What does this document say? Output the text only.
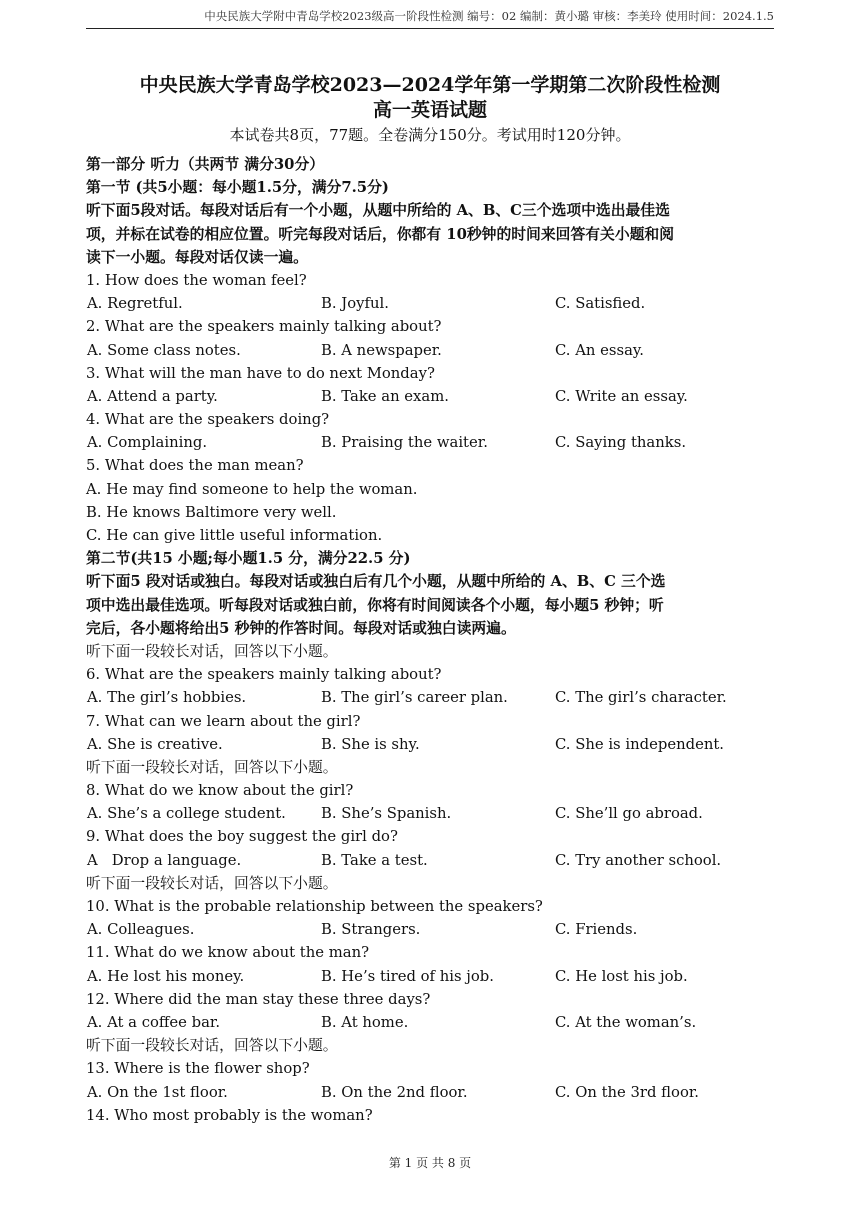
中央民族大学附中青岛学校2023级高一阶段性检测 编号：02 编制：黄小璐 审核：李美玲 使用时间：2024.1.5
中央民族大学青岛学校2023—2024学年第一学期第二次阶段性检测
高一英语试题
本试卷共8页，77题。全卷满分150分。考试用时120分钟。
第一部分 听力（共两节 满分30分）
第一节 (共5小题：每小题1.5分，满分7.5分)
听下面5段对话。每段对话后有一个小题，从题中所给的 A、B、C三个选项中选出最佳选
项，并标在试卷的相应位置。听完每段对话后，你都有 10秒钟的时间来回答有关小题和阅
读下一小题。每段对话仅读一遍。
1. How does the woman feel?
A. Regretful.	B. Joyful.	C. Satisfied.
2. What are the speakers mainly talking about?
A. Some class notes.	B. A newspaper.	C. An essay.
3. What will the man have to do next Monday?
A. Attend a party.	B. Take an exam.	C. Write an essay.
4. What are the speakers doing?
A. Complaining.	B. Praising the waiter.	C. Saying thanks.
5. What does the man mean?
A. He may find someone to help the woman.
B. He knows Baltimore very well.
C. He can give little useful information.
第二节(共15 小题;每小题1.5 分，满分22.5 分)
听下面5 段对话或独白。每段对话或独白后有几个小题，从题中所给的 A、B、C 三个选
项中选出最佳选项。听每段对话或独白前，你将有时间阅读各个小题，每小题5 秒钟；听
完后，各小题将给出5 秒钟的作答时间。每段对话或独白读两遍。
听下面一段较长对话，回答以下小题。
6. What are the speakers mainly talking about?
A. The girl’s hobbies.	B. The girl’s career plan.	C. The girl’s character.
7. What can we learn about the girl?
A. She is creative.	B. She is shy.	C. She is independent.
听下面一段较长对话，回答以下小题。
8. What do we know about the girl?
A. She’s a college student. B. She’s Spanish.	C. She’ll go abroad.
9. What does the boy suggest the girl do?
A   Drop a language.	B. Take a test.	C. Try another school.
听下面一段较长对话，回答以下小题。
10. What is the probable relationship between the speakers?
A. Colleagues.	B. Strangers.	C. Friends.
11. What do we know about the man?
A. He lost his money.	B. He’s tired of his job.	C. He lost his job.
12. Where did the man stay these three days?
A. At a coffee bar.	B. At home.	C. At the woman’s.
听下面一段较长对话，回答以下小题。
13. Where is the flower shop?
A. On the 1st floor.	B. On the 2nd floor.	C. On the 3rd floor.
14. Who most probably is the woman?
第 1 页 共 8 页
